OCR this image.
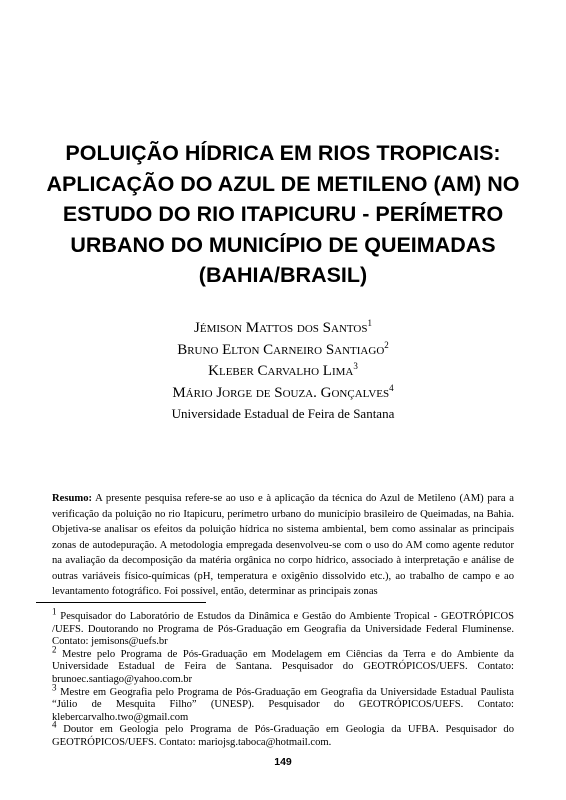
POLUIÇÃO HÍDRICA EM RIOS TROPICAIS:
APLICAÇÃO DO AZUL DE METILENO (AM) NO
ESTUDO DO RIO ITAPICURU - PERÍMETRO
URBANO DO MUNICÍPIO DE QUEIMADAS
(BAHIA/BRASIL)
Jémison Mattos dos Santos$^1$
Bruno Elton Carneiro Santiago$^2$
Kleber Carvalho Lima$^3$
Mário Jorge de Souza. Gonçalves$^4$
Universidade Estadual de Feira de Santana
Resumo: A presente pesquisa refere-se ao uso e à aplicação da técnica do Azul de Metileno (AM) para a verificação da poluição no rio Itapicuru, perímetro urbano do município brasileiro de Queimadas, na Bahia. Objetiva-se analisar os efeitos da poluição hídrica no sistema ambiental, bem como assinalar as principais zonas de autodepuração. A metodologia empregada desenvolveu-se com o uso do AM como agente redutor na avaliação da decomposição da matéria orgânica no corpo hídrico, associado à interpretação e análise de outras variáveis físico-químicas (pH, temperatura e oxigênio dissolvido etc.), ao trabalho de campo e ao levantamento fotográfico. Foi possível, então, determinar as principais zonas

$^1$ Pesquisador do Laboratório de Estudos da Dinâmica e Gestão do Ambiente Tropical - GEOTRÓPICOS /UEFS. Doutorando no Programa de Pós-Graduação em Geografia da Universidade Federal Fluminense. Contato: jemisons@uefs.br

$^2$ Mestre pelo Programa de Pós-Graduação em Modelagem em Ciências da Terra e do Ambiente da Universidade Estadual de Feira de Santana. Pesquisador do GEOTRÓPICOS/UEFS. Contato: brunoec.santiago@yahoo.com.br

$^3$ Mestre em Geografia pelo Programa de Pós-Graduação em Geografia da Universidade Estadual Paulista “Júlio de Mesquita Filho” (UNESP). Pesquisador do GEOTRÓPICOS/UEFS. Contato: klebercarvalho.two@gmail.com

$^4$ Doutor em Geologia pelo Programa de Pós-Graduação em Geologia da UFBA. Pesquisador do GEOTRÓPICOS/UEFS. Contato: mariojsg.taboca@hotmail.com.

149
